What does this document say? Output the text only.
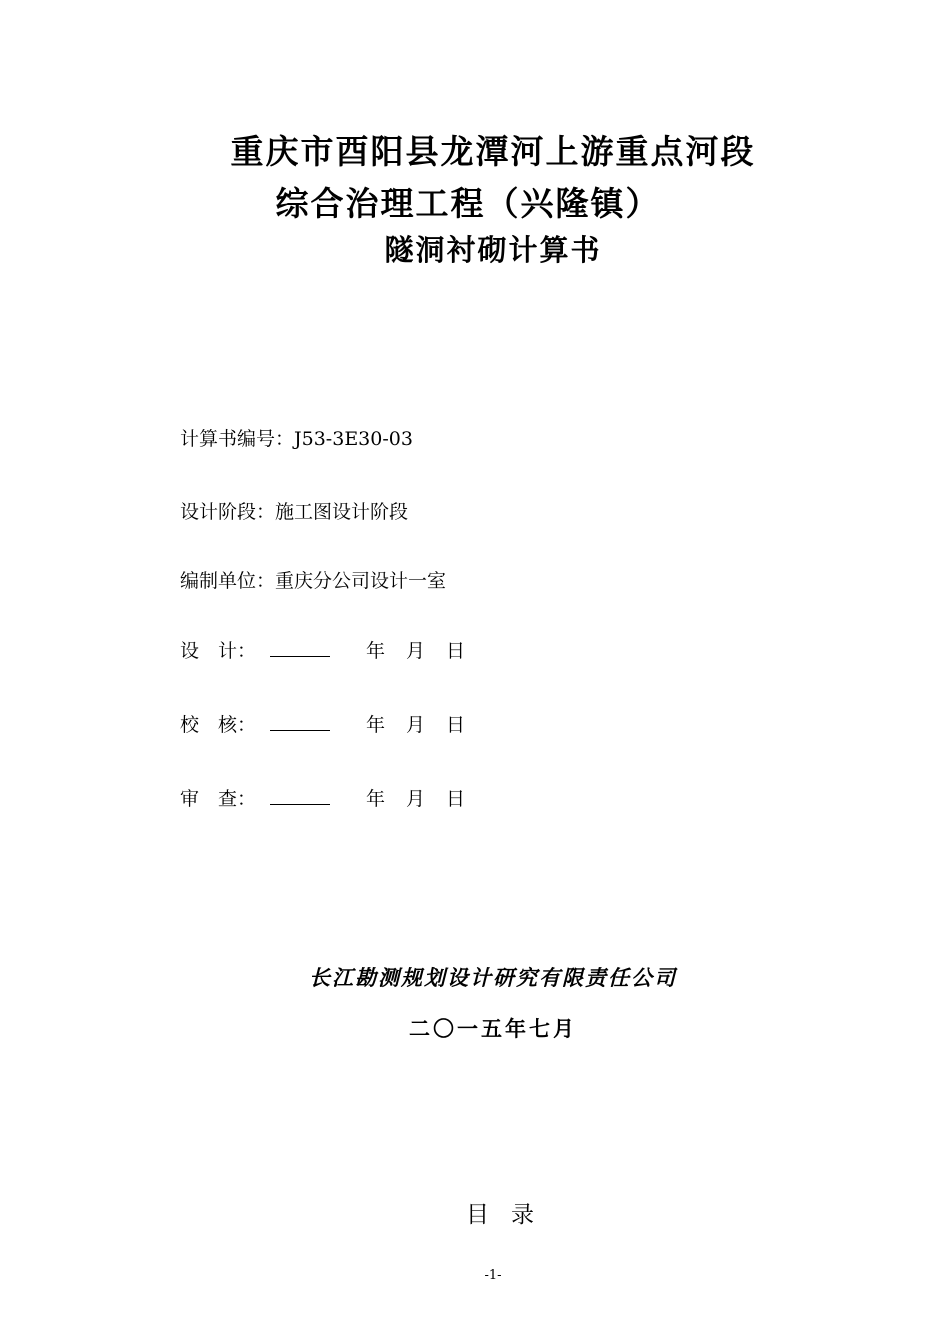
重庆市酉阳县龙潭河上游重点河段
综合治理工程（兴隆镇）
隧洞衬砌计算书
计算书编号： J53-3E30-03
设计阶段： 施工图设计阶段
编制单位： 重庆分公司设计一室
设　计：	年	月	日
校　核：	年	月	日
审　查：	年	月	日
长江勘测规划设计研究有限责任公司
二〇一五年七月
目 录
-1-
